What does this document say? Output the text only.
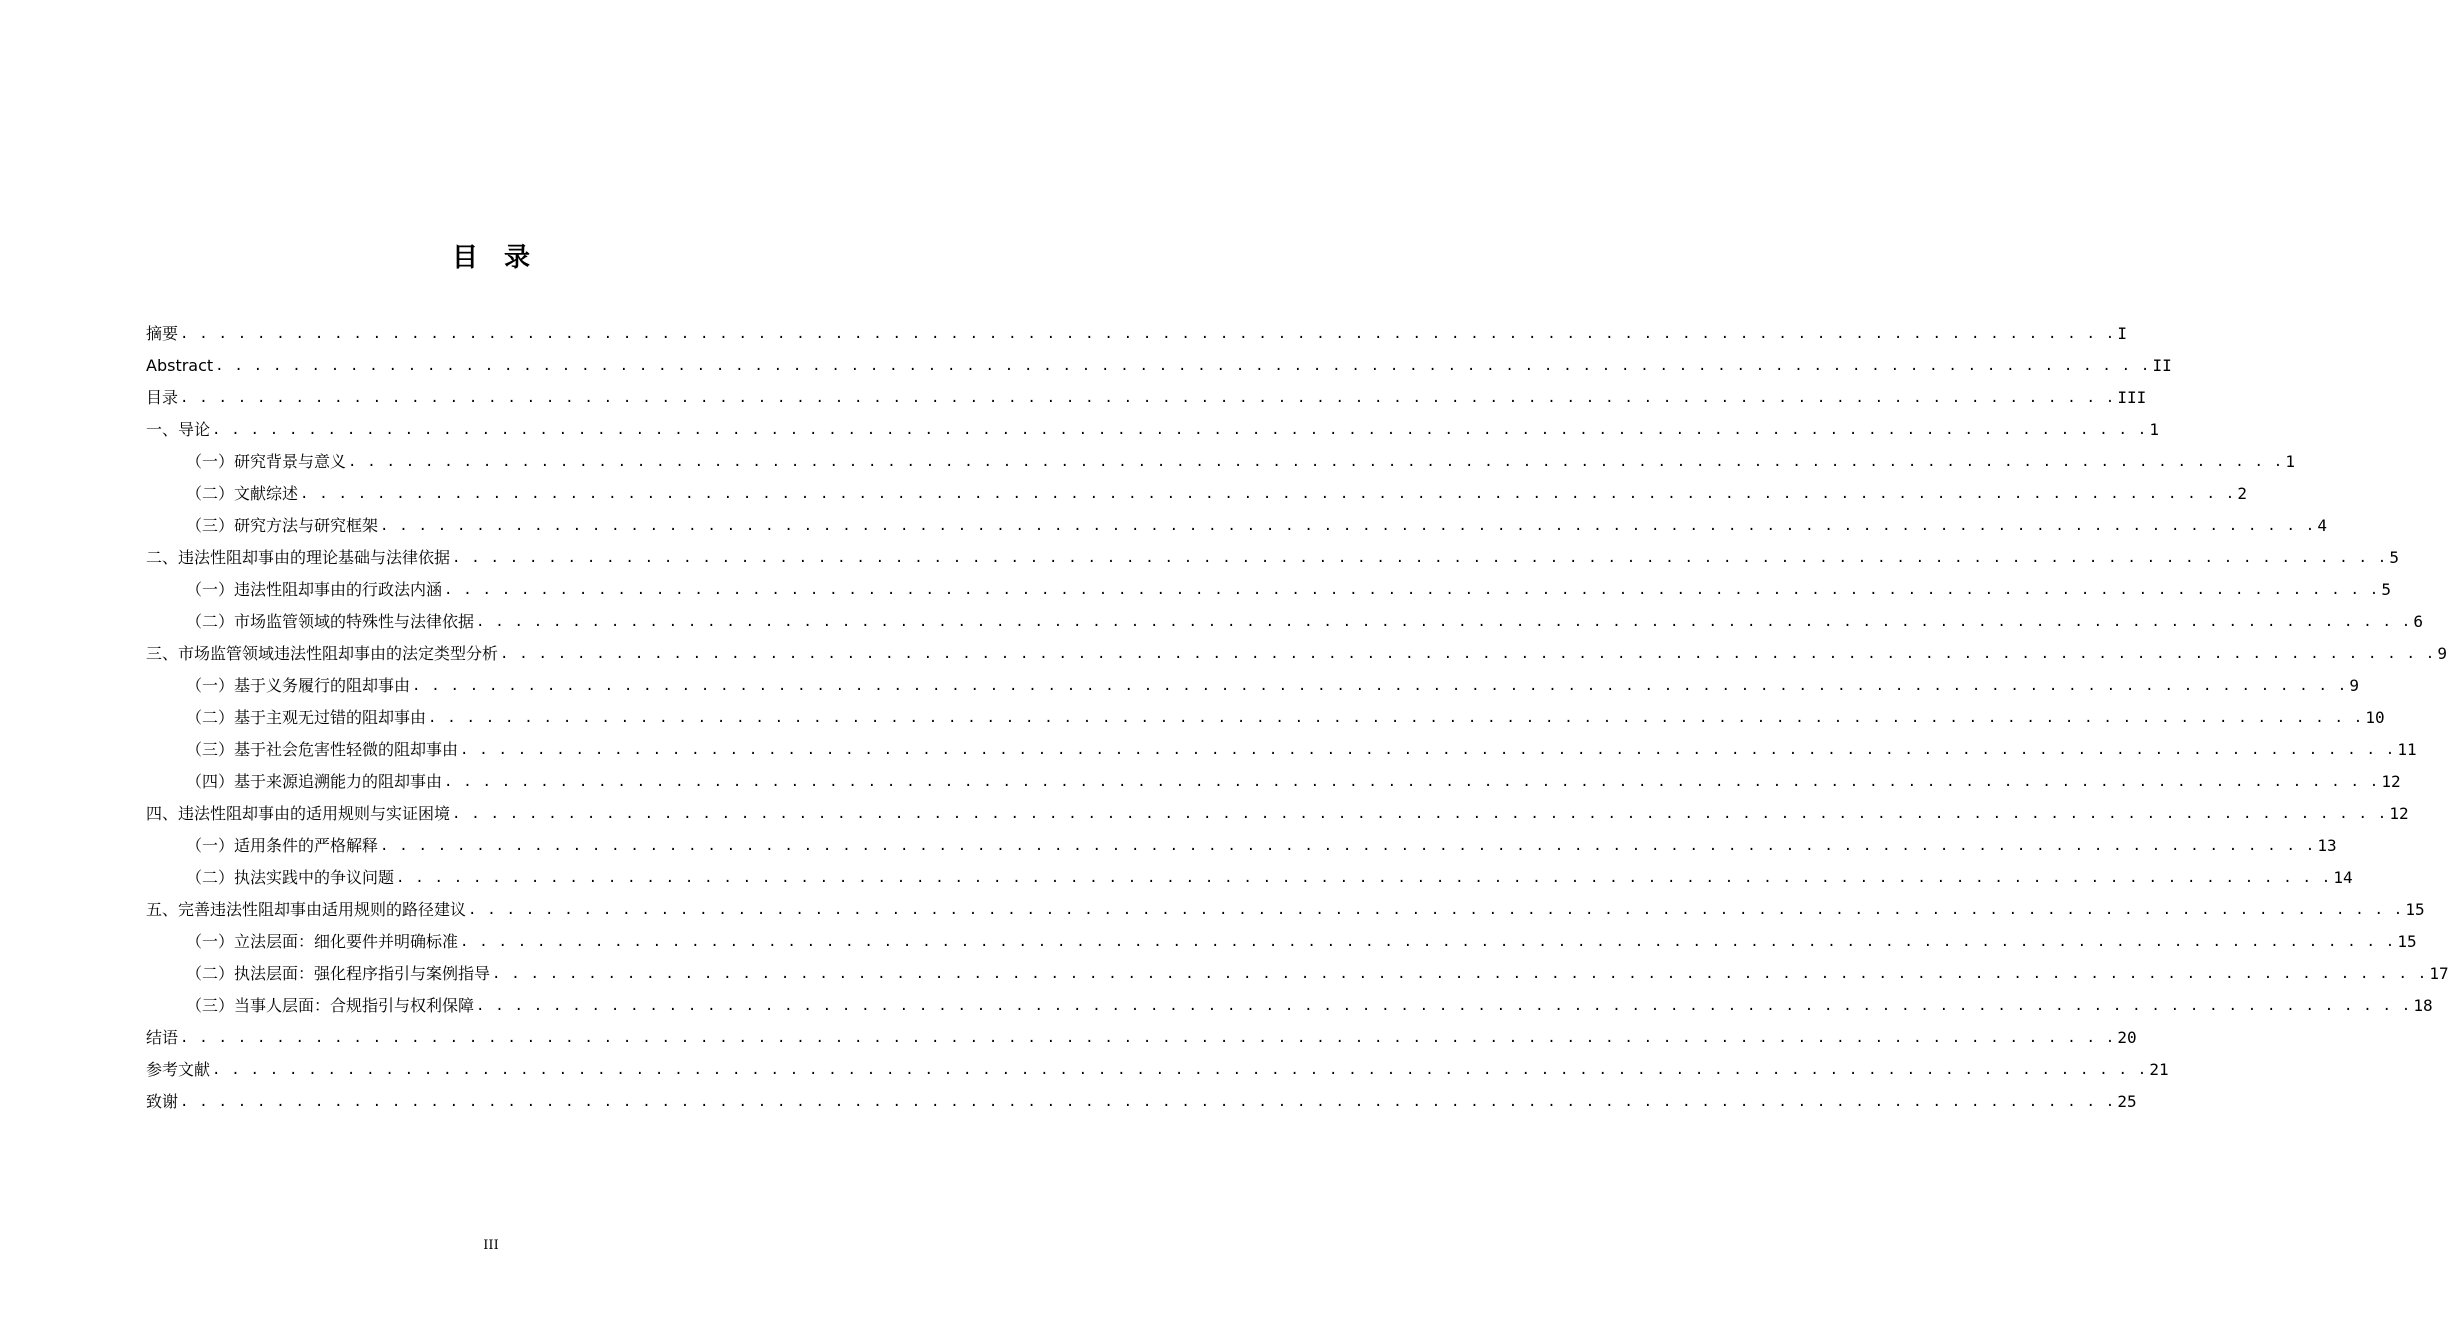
目 录
摘要 . . . . . . . . . . . . . . . . . . . . . . . . . . . . . . . . . . . . . . . . . . . . . . . . . . . . . . . . . . . . . . . . . . . . . . . . . . . . . . . . . . . . . . . . . . . . . . . . . . . . . I
Abstract . . . . . . . . . . . . . . . . . . . . . . . . . . . . . . . . . . . . . . . . . . . . . . . . . . . . . . . . . . . . . . . . . . . . . . . . . . . . . . . . . . . . . . . . . . . . . . . . . . . . . II
目录 . . . . . . . . . . . . . . . . . . . . . . . . . . . . . . . . . . . . . . . . . . . . . . . . . . . . . . . . . . . . . . . . . . . . . . . . . . . . . . . . . . . . . . . . . . . . . . . . . . . . . III
一、导论 . . . . . . . . . . . . . . . . . . . . . . . . . . . . . . . . . . . . . . . . . . . . . . . . . . . . . . . . . . . . . . . . . . . . . . . . . . . . . . . . . . . . . . . . . . . . . . . . . . . . . 1
（一）研究背景与意义 . . . . . . . . . . . . . . . . . . . . . . . . . . . . . . . . . . . . . . . . . . . . . . . . . . . . . . . . . . . . . . . . . . . . . . . . . . . . . . . . . . . . . . . . . . . . . . . . . . . . . 1
（二）文献综述 . . . . . . . . . . . . . . . . . . . . . . . . . . . . . . . . . . . . . . . . . . . . . . . . . . . . . . . . . . . . . . . . . . . . . . . . . . . . . . . . . . . . . . . . . . . . . . . . . . . . . 2
（三）研究方法与研究框架 . . . . . . . . . . . . . . . . . . . . . . . . . . . . . . . . . . . . . . . . . . . . . . . . . . . . . . . . . . . . . . . . . . . . . . . . . . . . . . . . . . . . . . . . . . . . . . . . . . . . . 4
二、违法性阻却事由的理论基础与法律依据 . . . . . . . . . . . . . . . . . . . . . . . . . . . . . . . . . . . . . . . . . . . . . . . . . . . . . . . . . . . . . . . . . . . . . . . . . . . . . . . . . . . . . . . . . . . . . . . . . . . . . 5
（一）违法性阻却事由的行政法内涵 . . . . . . . . . . . . . . . . . . . . . . . . . . . . . . . . . . . . . . . . . . . . . . . . . . . . . . . . . . . . . . . . . . . . . . . . . . . . . . . . . . . . . . . . . . . . . . . . . . . . . 5
（二）市场监管领域的特殊性与法律依据 . . . . . . . . . . . . . . . . . . . . . . . . . . . . . . . . . . . . . . . . . . . . . . . . . . . . . . . . . . . . . . . . . . . . . . . . . . . . . . . . . . . . . . . . . . . . . . . . . . . . . 6
三、市场监管领域违法性阻却事由的法定类型分析 . . . . . . . . . . . . . . . . . . . . . . . . . . . . . . . . . . . . . . . . . . . . . . . . . . . . . . . . . . . . . . . . . . . . . . . . . . . . . . . . . . . . . . . . . . . . . . . . . . . . . 9
（一）基于义务履行的阻却事由 . . . . . . . . . . . . . . . . . . . . . . . . . . . . . . . . . . . . . . . . . . . . . . . . . . . . . . . . . . . . . . . . . . . . . . . . . . . . . . . . . . . . . . . . . . . . . . . . . . . . . 9
（二）基于主观无过错的阻却事由 . . . . . . . . . . . . . . . . . . . . . . . . . . . . . . . . . . . . . . . . . . . . . . . . . . . . . . . . . . . . . . . . . . . . . . . . . . . . . . . . . . . . . . . . . . . . . . . . . . . . . 10
（三）基于社会危害性轻微的阻却事由 . . . . . . . . . . . . . . . . . . . . . . . . . . . . . . . . . . . . . . . . . . . . . . . . . . . . . . . . . . . . . . . . . . . . . . . . . . . . . . . . . . . . . . . . . . . . . . . . . . . . . 11
（四）基于来源追溯能力的阻却事由 . . . . . . . . . . . . . . . . . . . . . . . . . . . . . . . . . . . . . . . . . . . . . . . . . . . . . . . . . . . . . . . . . . . . . . . . . . . . . . . . . . . . . . . . . . . . . . . . . . . . . 12
四、违法性阻却事由的适用规则与实证困境 . . . . . . . . . . . . . . . . . . . . . . . . . . . . . . . . . . . . . . . . . . . . . . . . . . . . . . . . . . . . . . . . . . . . . . . . . . . . . . . . . . . . . . . . . . . . . . . . . . . . . 12
（一）适用条件的严格解释 . . . . . . . . . . . . . . . . . . . . . . . . . . . . . . . . . . . . . . . . . . . . . . . . . . . . . . . . . . . . . . . . . . . . . . . . . . . . . . . . . . . . . . . . . . . . . . . . . . . . . 13
（二）执法实践中的争议问题 . . . . . . . . . . . . . . . . . . . . . . . . . . . . . . . . . . . . . . . . . . . . . . . . . . . . . . . . . . . . . . . . . . . . . . . . . . . . . . . . . . . . . . . . . . . . . . . . . . . . . 14
五、完善违法性阻却事由适用规则的路径建议 . . . . . . . . . . . . . . . . . . . . . . . . . . . . . . . . . . . . . . . . . . . . . . . . . . . . . . . . . . . . . . . . . . . . . . . . . . . . . . . . . . . . . . . . . . . . . . . . . . . . . 15
（一）立法层面：细化要件并明确标准 . . . . . . . . . . . . . . . . . . . . . . . . . . . . . . . . . . . . . . . . . . . . . . . . . . . . . . . . . . . . . . . . . . . . . . . . . . . . . . . . . . . . . . . . . . . . . . . . . . . . . 15
（二）执法层面：强化程序指引与案例指导 . . . . . . . . . . . . . . . . . . . . . . . . . . . . . . . . . . . . . . . . . . . . . . . . . . . . . . . . . . . . . . . . . . . . . . . . . . . . . . . . . . . . . . . . . . . . . . . . . . . . . 17
（三）当事人层面：合规指引与权利保障 . . . . . . . . . . . . . . . . . . . . . . . . . . . . . . . . . . . . . . . . . . . . . . . . . . . . . . . . . . . . . . . . . . . . . . . . . . . . . . . . . . . . . . . . . . . . . . . . . . . . . 18
结语 . . . . . . . . . . . . . . . . . . . . . . . . . . . . . . . . . . . . . . . . . . . . . . . . . . . . . . . . . . . . . . . . . . . . . . . . . . . . . . . . . . . . . . . . . . . . . . . . . . . . . 20
参考文献 . . . . . . . . . . . . . . . . . . . . . . . . . . . . . . . . . . . . . . . . . . . . . . . . . . . . . . . . . . . . . . . . . . . . . . . . . . . . . . . . . . . . . . . . . . . . . . . . . . . . . 21
致谢 . . . . . . . . . . . . . . . . . . . . . . . . . . . . . . . . . . . . . . . . . . . . . . . . . . . . . . . . . . . . . . . . . . . . . . . . . . . . . . . . . . . . . . . . . . . . . . . . . . . . . 25
III
